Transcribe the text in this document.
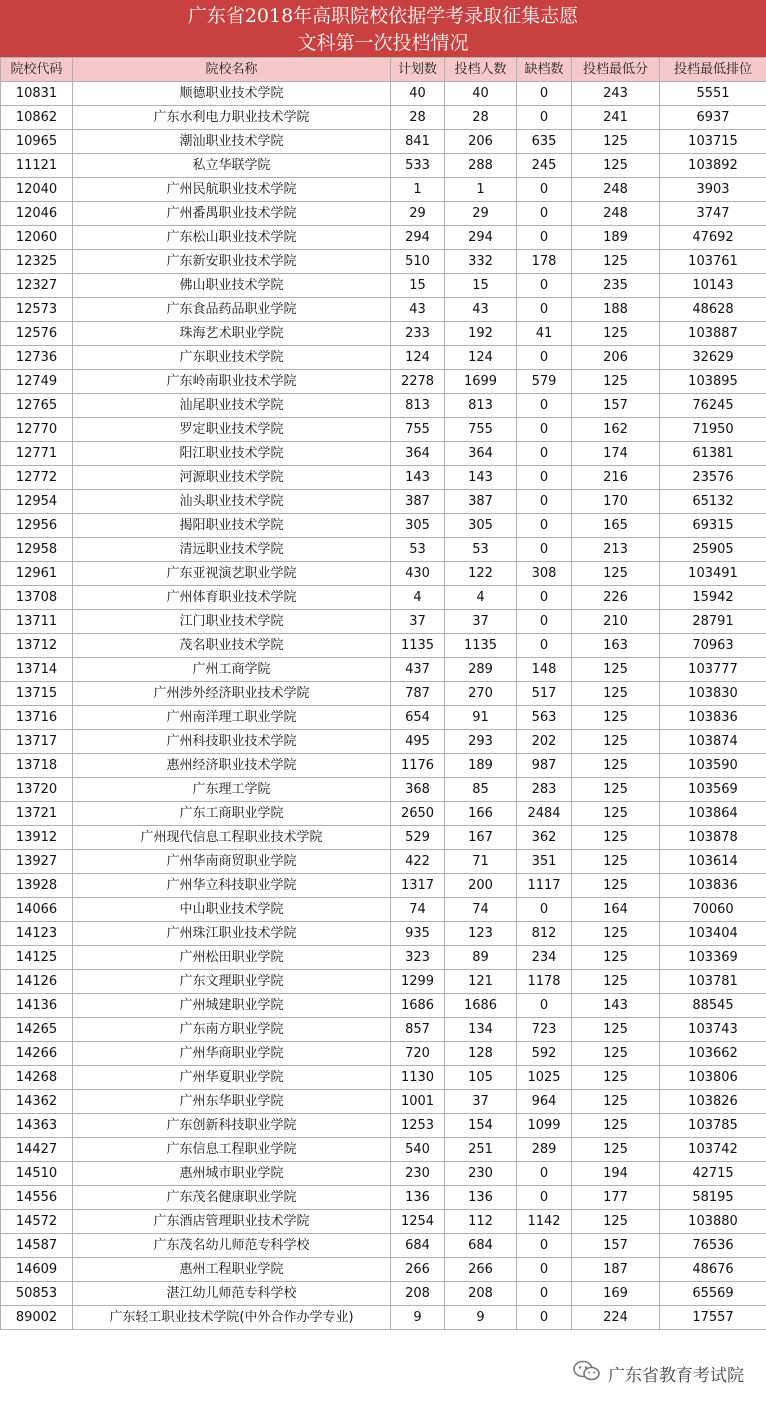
广东省2018年高职院校依据学考录取征集志愿
文科第一次投档情况
院校代码	院校名称	计划数	投档人数	缺档数	投档最低分	投档最低排位
10831	顺德职业技术学院	40	40	0	243	5551
10862	广东水利电力职业技术学院	28	28	0	241	6937
10965	潮汕职业技术学院	841	206	635	125	103715
11121	私立华联学院	533	288	245	125	103892
12040	广州民航职业技术学院	1	1	0	248	3903
12046	广州番禺职业技术学院	29	29	0	248	3747
12060	广东松山职业技术学院	294	294	0	189	47692
12325	广东新安职业技术学院	510	332	178	125	103761
12327	佛山职业技术学院	15	15	0	235	10143
12573	广东食品药品职业学院	43	43	0	188	48628
12576	珠海艺术职业学院	233	192	41	125	103887
12736	广东职业技术学院	124	124	0	206	32629
12749	广东岭南职业技术学院	2278	1699	579	125	103895
12765	汕尾职业技术学院	813	813	0	157	76245
12770	罗定职业技术学院	755	755	0	162	71950
12771	阳江职业技术学院	364	364	0	174	61381
12772	河源职业技术学院	143	143	0	216	23576
12954	汕头职业技术学院	387	387	0	170	65132
12956	揭阳职业技术学院	305	305	0	165	69315
12958	清远职业技术学院	53	53	0	213	25905
12961	广东亚视演艺职业学院	430	122	308	125	103491
13708	广州体育职业技术学院	4	4	0	226	15942
13711	江门职业技术学院	37	37	0	210	28791
13712	茂名职业技术学院	1135	1135	0	163	70963
13714	广州工商学院	437	289	148	125	103777
13715	广州涉外经济职业技术学院	787	270	517	125	103830
13716	广州南洋理工职业学院	654	91	563	125	103836
13717	广州科技职业技术学院	495	293	202	125	103874
13718	惠州经济职业技术学院	1176	189	987	125	103590
13720	广东理工学院	368	85	283	125	103569
13721	广东工商职业学院	2650	166	2484	125	103864
13912	广州现代信息工程职业技术学院	529	167	362	125	103878
13927	广州华南商贸职业学院	422	71	351	125	103614
13928	广州华立科技职业学院	1317	200	1117	125	103836
14066	中山职业技术学院	74	74	0	164	70060
14123	广州珠江职业技术学院	935	123	812	125	103404
14125	广州松田职业学院	323	89	234	125	103369
14126	广东文理职业学院	1299	121	1178	125	103781
14136	广州城建职业学院	1686	1686	0	143	88545
14265	广东南方职业学院	857	134	723	125	103743
14266	广州华商职业学院	720	128	592	125	103662
14268	广州华夏职业学院	1130	105	1025	125	103806
14362	广州东华职业学院	1001	37	964	125	103826
14363	广东创新科技职业学院	1253	154	1099	125	103785
14427	广东信息工程职业学院	540	251	289	125	103742
14510	惠州城市职业学院	230	230	0	194	42715
14556	广东茂名健康职业学院	136	136	0	177	58195
14572	广东酒店管理职业技术学院	1254	112	1142	125	103880
14587	广东茂名幼儿师范专科学校	684	684	0	157	76536
14609	惠州工程职业学院	266	266	0	187	48676
50853	湛江幼儿师范专科学校	208	208	0	169	65569
89002	广东轻工职业技术学院(中外合作办学专业)	9	9	0	224	17557
广东省教育考试院
